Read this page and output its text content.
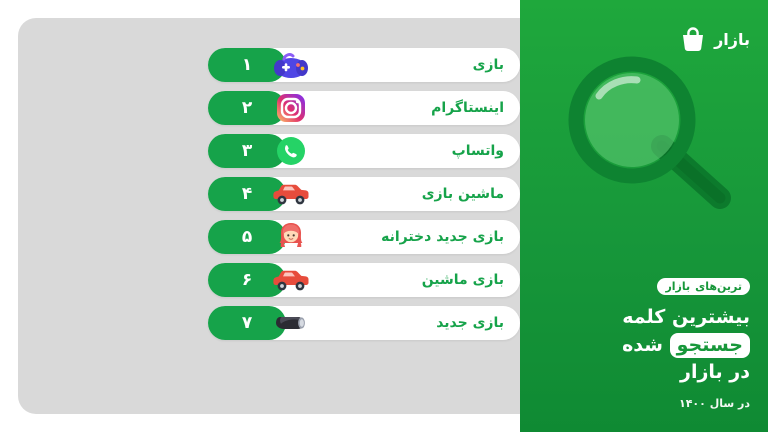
۱	بازی
۲	اینستاگرام
۳	واتساپ
۴	ماشین بازی
۵	بازی جدید دخترانه
۶	بازی ماشین
۷	بازی جدید
بازار
ترین‌های
بازار
بیشترین کلمه
جستجو شده
در بازار
در سال ۱۴۰۰
